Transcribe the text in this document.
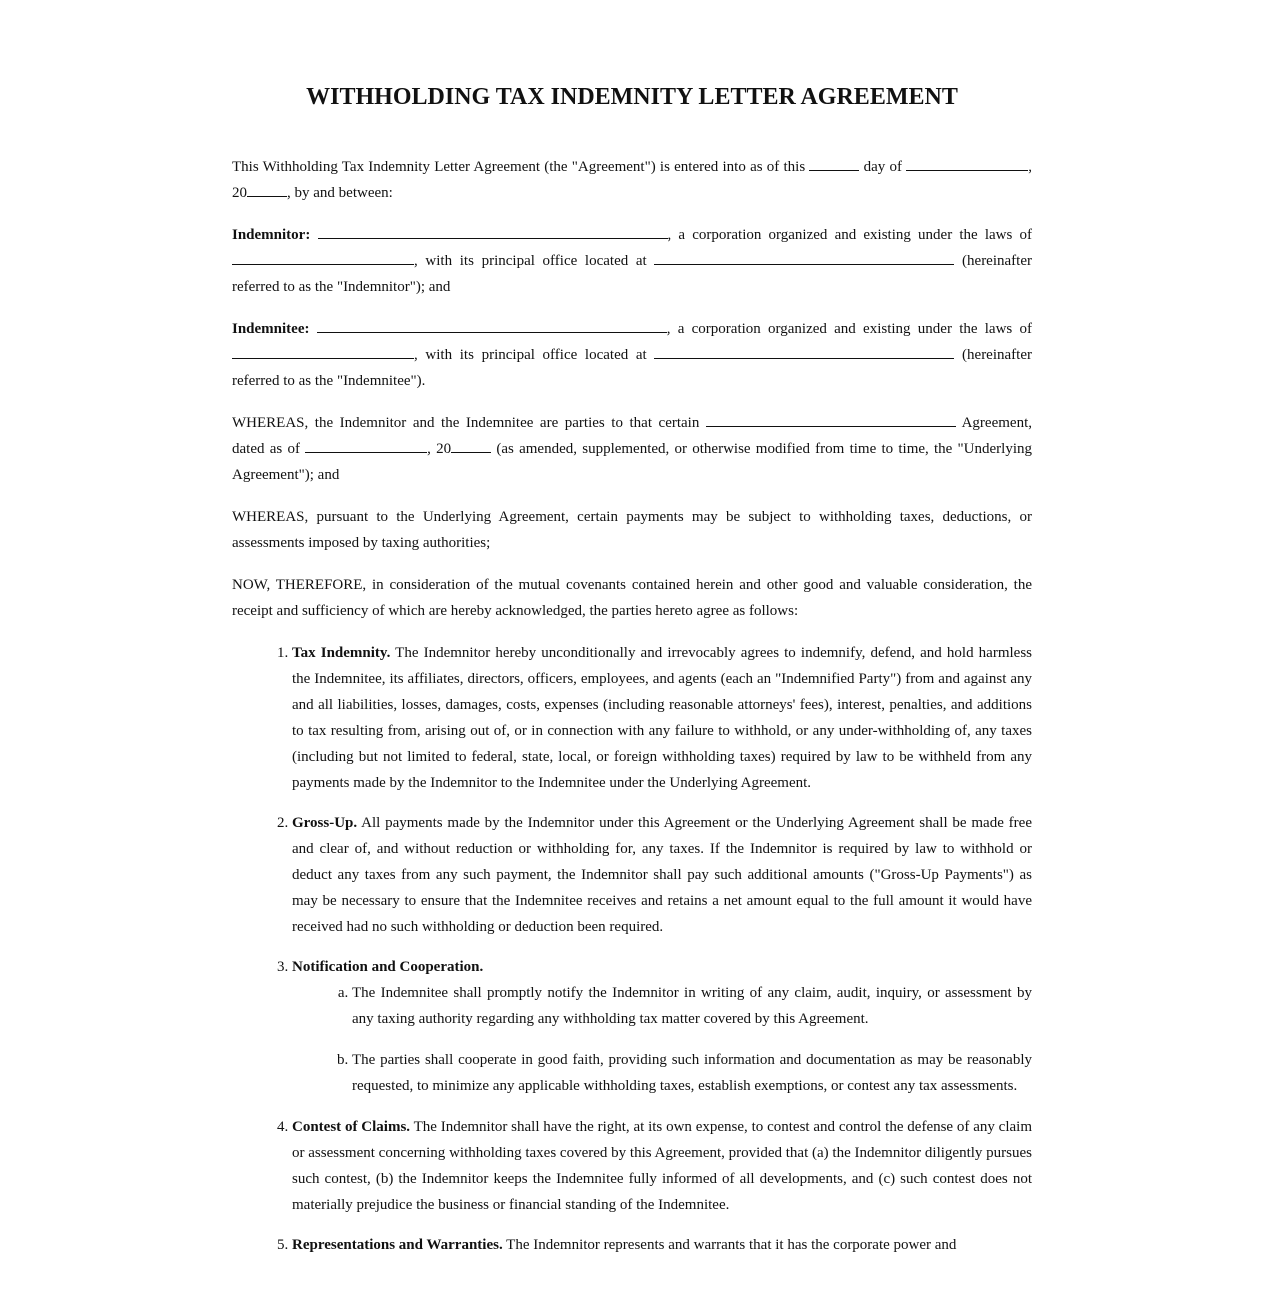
WITHHOLDING TAX INDEMNITY LETTER AGREEMENT

This Withholding Tax Indemnity Letter Agreement (the "Agreement") is entered into as of this	day of	, 20	, by and between:

Indemnitor:	, a corporation organized and existing under the laws of , with its principal office located at	(hereinafter referred to as the "Indemnitor"); and

Indemnitee:	, a corporation organized and existing under the laws of , with its principal office located at	(hereinafter referred to as the "Indemnitee").

WHEREAS, the Indemnitor and the Indemnitee are parties to that certain	Agreement, dated as of	, 20	(as amended, supplemented, or otherwise modified from time to time, the "Underlying Agreement"); and

WHEREAS, pursuant to the Underlying Agreement, certain payments may be subject to withholding taxes, deductions, or assessments imposed by taxing authorities;

NOW, THEREFORE, in consideration of the mutual covenants contained herein and other good and valuable consideration, the receipt and sufficiency of which are hereby acknowledged, the parties hereto agree as follows:

1. Tax Indemnity. The Indemnitor hereby unconditionally and irrevocably agrees to indemnify, defend, and hold harmless the Indemnitee, its affiliates, directors, officers, employees, and agents (each an "Indemnified Party") from and against any and all liabilities, losses, damages, costs, expenses (including reasonable attorneys' fees), interest, penalties, and additions to tax resulting from, arising out of, or in connection with any failure to withhold, or any under-withholding of, any taxes (including but not limited to federal, state, local, or foreign withholding taxes) required by law to be withheld from any payments made by the Indemnitor to the Indemnitee under the Underlying Agreement.
2. Gross-Up. All payments made by the Indemnitor under this Agreement or the Underlying Agreement shall be made free and clear of, and without reduction or withholding for, any taxes. If the Indemnitor is required by law to withhold or deduct any taxes from any such payment, the Indemnitor shall pay such additional amounts ("Gross-Up Payments") as may be necessary to ensure that the Indemnitee receives and retains a net amount equal to the full amount it would have received had no such withholding or deduction been required.
3. Notification and Cooperation.
a. The Indemnitee shall promptly notify the Indemnitor in writing of any claim, audit, inquiry, or assessment by any taxing authority regarding any withholding tax matter covered by this Agreement.
b. The parties shall cooperate in good faith, providing such information and documentation as may be reasonably requested, to minimize any applicable withholding taxes, establish exemptions, or contest any tax assessments.
4. Contest of Claims. The Indemnitor shall have the right, at its own expense, to contest and control the defense of any claim or assessment concerning withholding taxes covered by this Agreement, provided that (a) the Indemnitor diligently pursues such contest, (b) the Indemnitor keeps the Indemnitee fully informed of all developments, and (c) such contest does not materially prejudice the business or financial standing of the Indemnitee.
5. Representations and Warranties. The Indemnitor represents and warrants that it has the corporate power and
